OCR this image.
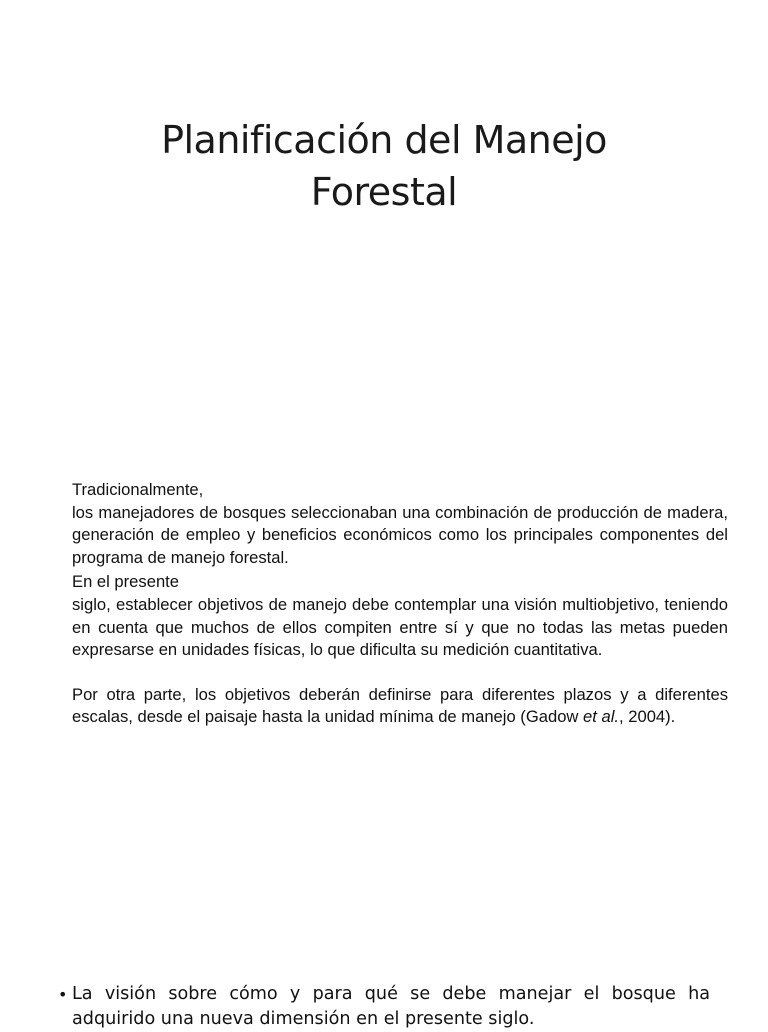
Planificación del Manejo
Forestal

Tradicionalmente,
los manejadores de bosques seleccionaban una combinación de producción de madera, generación de empleo y beneficios económicos como los principales componentes del programa de manejo forestal.

En el presente
siglo, establecer objetivos de manejo debe contemplar una visión multiobjetivo, teniendo en cuenta que muchos de ellos compiten entre sí y que no todas las metas pueden expresarse en unidades físicas, lo que dificulta su medición cuantitativa.

Por otra parte, los objetivos deberán definirse para diferentes plazos y a diferentes escalas, desde el paisaje hasta la unidad mínima de manejo (Gadow et al., 2004).

• La visión sobre cómo y para qué se debe manejar el bosque ha adquirido una nueva dimensión en el presente siglo.
